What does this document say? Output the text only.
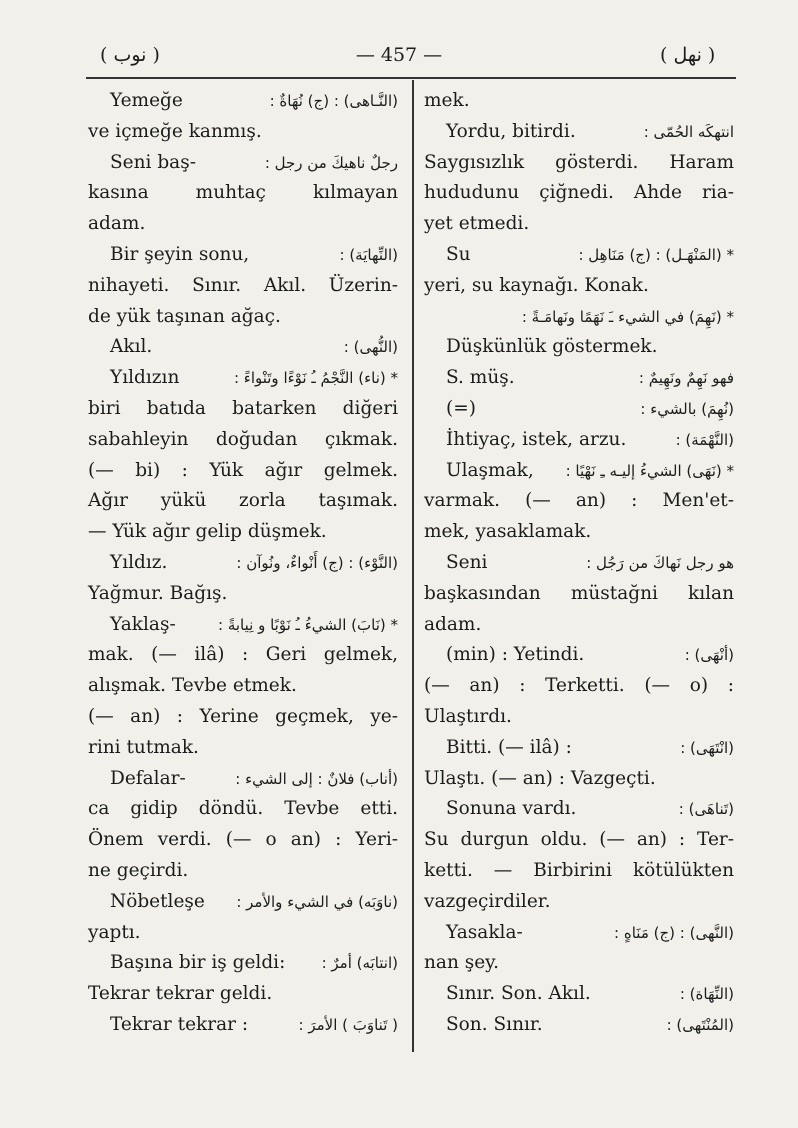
( نوب )	— 457 —	( نهل )
Yemeğe	(النَّـاهى) : (ج) نُهَاةٌ :
ve içmeğe kanmış.
Seni baş-	رجلٌ ناهيكَ من رجل :
kasına muhtaç kılmayan
adam.
Bir şeyin sonu,	(النِّهايَة) :
nihayeti. Sınır. Akıl. Üzerin-
de yük taşınan ağaç.
Akıl.	(النُّهى) :
Yıldızın	* (ناء) النَّجْمُ ـُ نَوْءًا وتَنْواءً :
biri batıda batarken diğeri
sabahleyin doğudan çıkmak.
(— bi) : Yük ağır gelmek.
Ağır yükü zorla taşımak.
— Yük ağır gelip düşmek.
Yıldız.	(النَّوْء) : (ج) أَنْواءٌ، ونُوآن :
Yağmur. Bağış.
Yaklaş-	* (نَابَ) الشيءُ ـُ نَوْبًا و نِيابةً :
mak. (— ilâ) : Geri gelmek,
alışmak. Tevbe etmek.
(— an) : Yerine geçmek, ye-
rini tutmak.
Defalar-	(أناب) فلانٌ : إلى الشيء :
ca gidip döndü. Tevbe etti.
Önem verdi. (— o an) : Yeri-
ne geçirdi.
Nöbetleşe (ناوَبَه) في الشيء والأمر :
yaptı.
Başına bir iş geldi: (انتابَه) أمرٌ :
Tekrar tekrar geldi.
Tekrar tekrar :	( تَناوَبَ ) الأمرَ :
mek.
Yordu, bitirdi.	انتهكَه الحُمّى :
Saygısızlık gösterdi. Haram
hududunu çiğnedi. Ahde ria-
yet etmedi.
Su	* (المَنْهَـل) : (ج) مَنَاهِل :
yeri, su kaynağı. Konak.
* (نَهِمَ) في الشيء ـَ نَهَمًا ونَهامَـةً :
Düşkünlük göstermek.
S. müş.	فهو نَهِمٌ ونَهِيمٌ :
(=)	(نُهِمَ) بالشيء :
İhtiyaç, istek, arzu.	(النَّهْمَة) :
Ulaşmak, * (نَهَى) الشيءُ إليـه ـِ نَهْيًا :
varmak. (— an) : Men'et-
mek, yasaklamak.
Seni	هو رجل نَهاكَ من رَجُل :
başkasından müstağni kılan
adam.
(min) : Yetindi.	(أنْهَى) :
(— an) : Terketti. (— o) :
Ulaştırdı.
Bitti. (— ilâ) :	(انْتَهَى) :
Ulaştı. (— an) : Vazgeçti.
Sonuna vardı.	(تَناهَى) :
Su durgun oldu. (— an) : Ter-
ketti. — Birbirini kötülükten
vazgeçirdiler.
Yasakla-	(النَّهى) : (ج) مَنَاهٍ :
nan şey.
Sınır. Son. Akıl.	(النِّهَاة) :
Son. Sınır.	(المُنْتَهى) :
